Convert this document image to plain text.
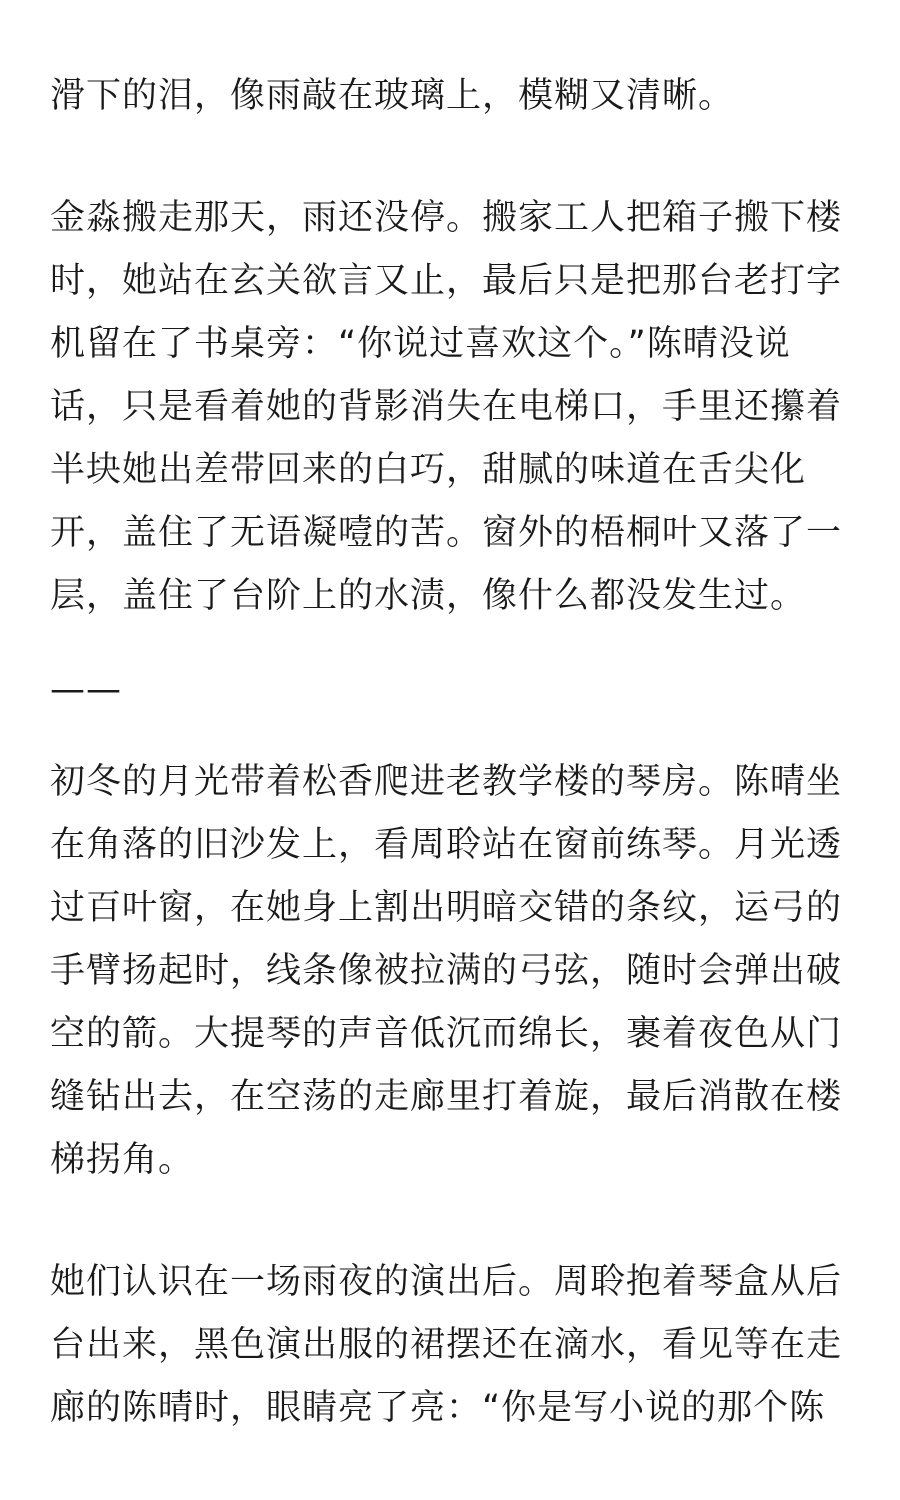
滑下的泪，像雨敲在玻璃上，模糊又清晰。

金淼搬走那天，雨还没停。搬家工人把箱子搬下楼

时，她站在玄关欲言又止，最后只是把那台老打字

机留在了书桌旁：“你说过喜欢这个。”陈晴没说

话，只是看着她的背影消失在电梯口，手里还攥着

半块她出差带回来的白巧，甜腻的味道在舌尖化

开，盖住了无语凝噎的苦。窗外的梧桐叶又落了一

层，盖住了台阶上的水渍，像什么都没发生过。

——

初冬的月光带着松香爬进老教学楼的琴房。陈晴坐

在角落的旧沙发上，看周聆站在窗前练琴。月光透

过百叶窗，在她身上割出明暗交错的条纹，运弓的

手臂扬起时，线条像被拉满的弓弦，随时会弹出破

空的箭。大提琴的声音低沉而绵长，裹着夜色从门

缝钻出去，在空荡的走廊里打着旋，最后消散在楼

梯拐角。

她们认识在一场雨夜的演出后。周聆抱着琴盒从后

台出来，黑色演出服的裙摆还在滴水，看见等在走

廊的陈晴时，眼睛亮了亮：“你是写小说的那个陈
